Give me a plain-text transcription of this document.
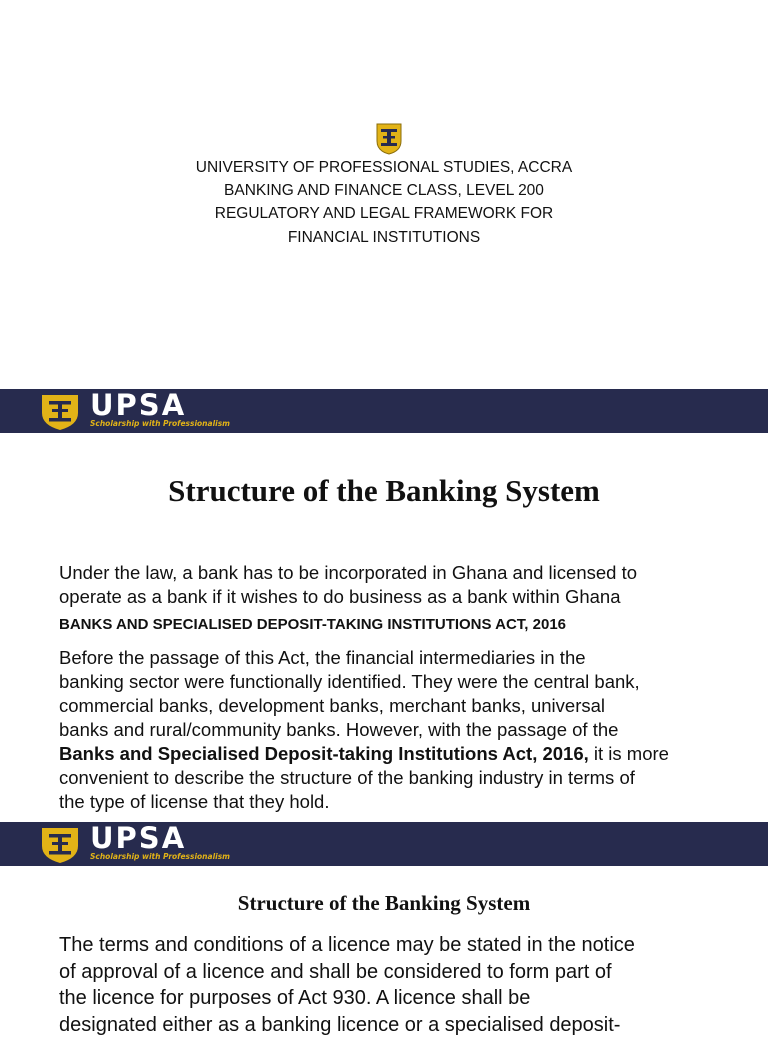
UNIVERSITY OF PROFESSIONAL STUDIES, ACCRA
BANKING AND FINANCE CLASS, LEVEL 200
REGULATORY AND LEGAL FRAMEWORK FOR
FINANCIAL INSTITUTIONS
UPSA
Scholarship with Professionalism
Structure of the Banking System
Under the law, a bank has to be incorporated in Ghana and licensed to
operate as a bank if it wishes to do business as a bank within Ghana
BANKS AND SPECIALISED DEPOSIT-TAKING INSTITUTIONS ACT, 2016
Before the passage of this Act, the financial intermediaries in the
banking sector were functionally identified. They were the central bank,
commercial banks, development banks, merchant banks, universal
banks and rural/community banks. However, with the passage of the
Banks and Specialised Deposit-taking Institutions Act, 2016, it is more
convenient to describe the structure of the banking industry in terms of
the type of license that they hold.
UPSA
Scholarship with Professionalism
Structure of the Banking System
The terms and conditions of a licence may be stated in the notice
of approval of a licence and shall be considered to form part of
the licence for purposes of Act 930. A licence shall be
designated either as a banking licence or a specialised deposit-
